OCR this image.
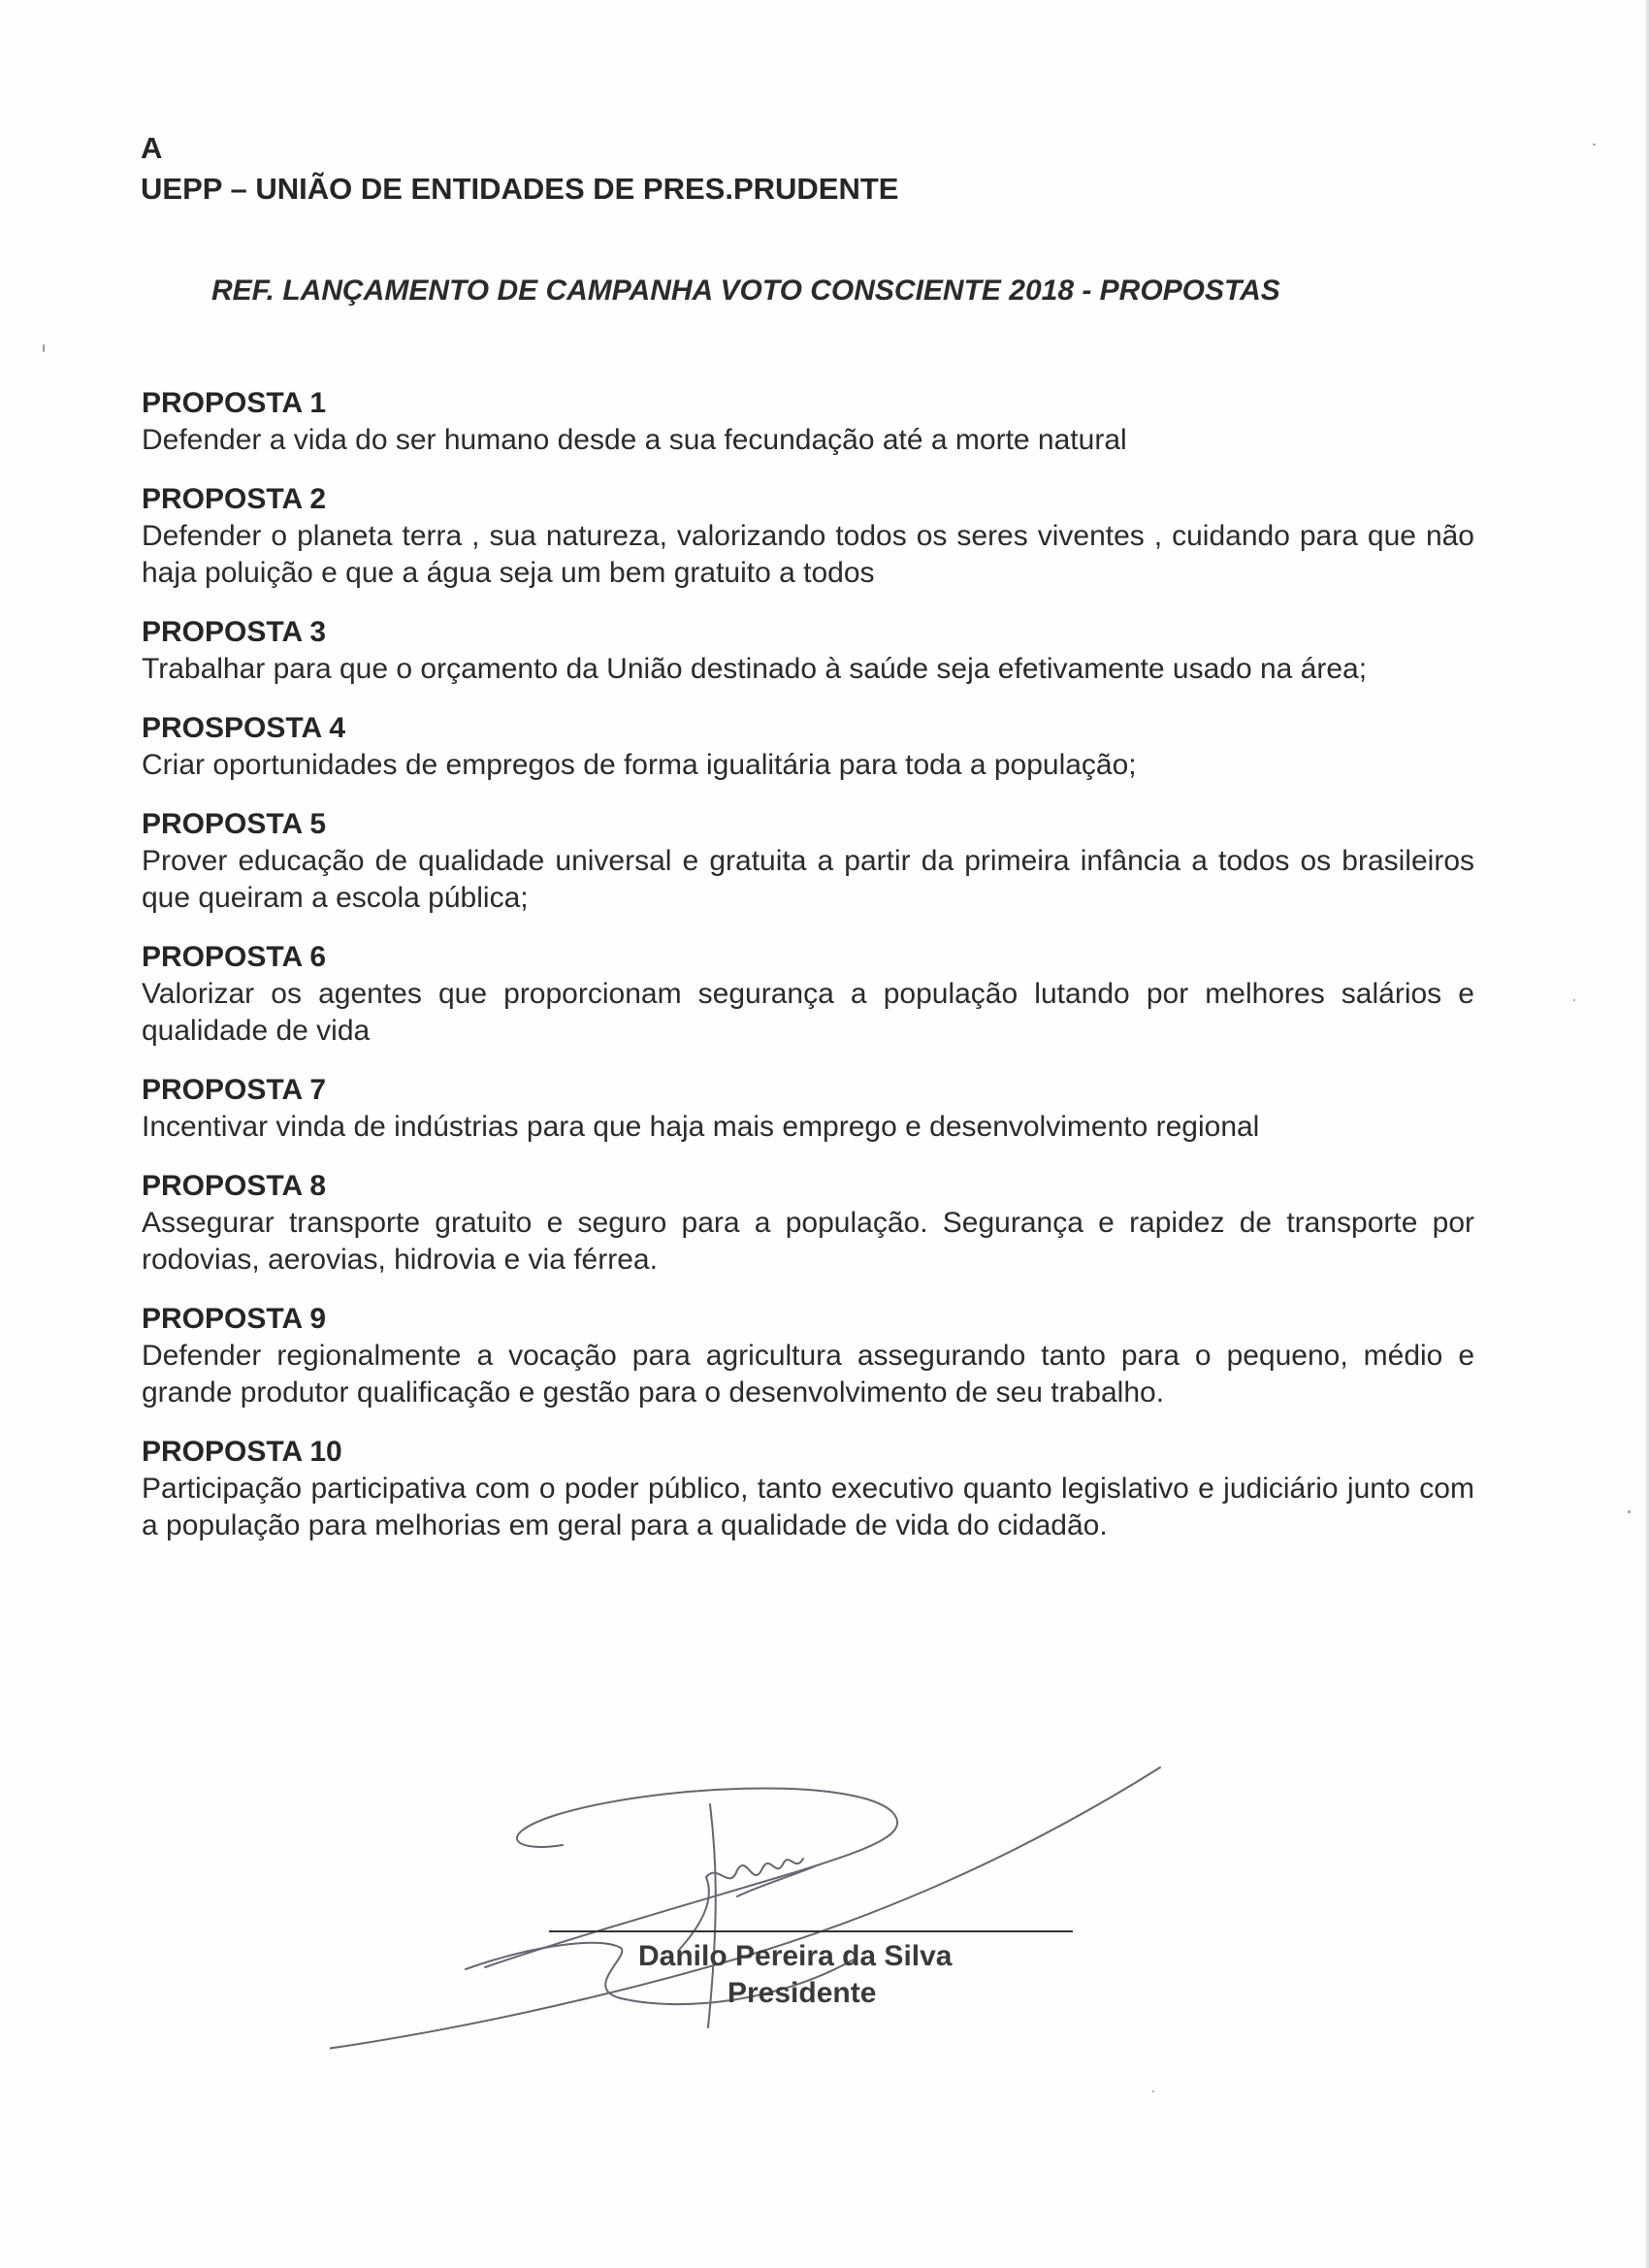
A
UEPP – UNIÃO DE ENTIDADES DE PRES.PRUDENTE
REF. LANÇAMENTO DE CAMPANHA VOTO CONSCIENTE 2018 - PROPOSTAS
PROPOSTA 1
Defender a vida do ser humano desde a sua fecundação até a morte natural
PROPOSTA 2
Defender o planeta terra , sua natureza, valorizando todos os seres viventes , cuidando para que não haja poluição e que a água seja um bem gratuito a todos
PROPOSTA 3
Trabalhar para que o orçamento da União destinado à saúde seja efetivamente usado na área;
PROSPOSTA 4
Criar oportunidades de empregos de forma igualitária para toda a população;
PROPOSTA 5
Prover educação de qualidade universal e gratuita a partir da primeira infância a todos os brasileiros que queiram a escola pública;
PROPOSTA 6
Valorizar os agentes que proporcionam segurança a população lutando por melhores salários e qualidade de vida
PROPOSTA 7
Incentivar vinda de indústrias para que haja mais emprego e desenvolvimento regional
PROPOSTA 8
Assegurar transporte gratuito e seguro para a população. Segurança e rapidez de transporte por rodovias, aerovias, hidrovia e via férrea.
PROPOSTA 9
Defender regionalmente a vocação para agricultura assegurando tanto para o pequeno, médio e grande produtor qualificação e gestão para o desenvolvimento de seu trabalho.
PROPOSTA 10
Participação participativa com o poder público, tanto executivo quanto legislativo e judiciário junto com a população para melhorias em geral para a qualidade de vida do cidadão.
Danilo Pereira da Silva
Presidente
